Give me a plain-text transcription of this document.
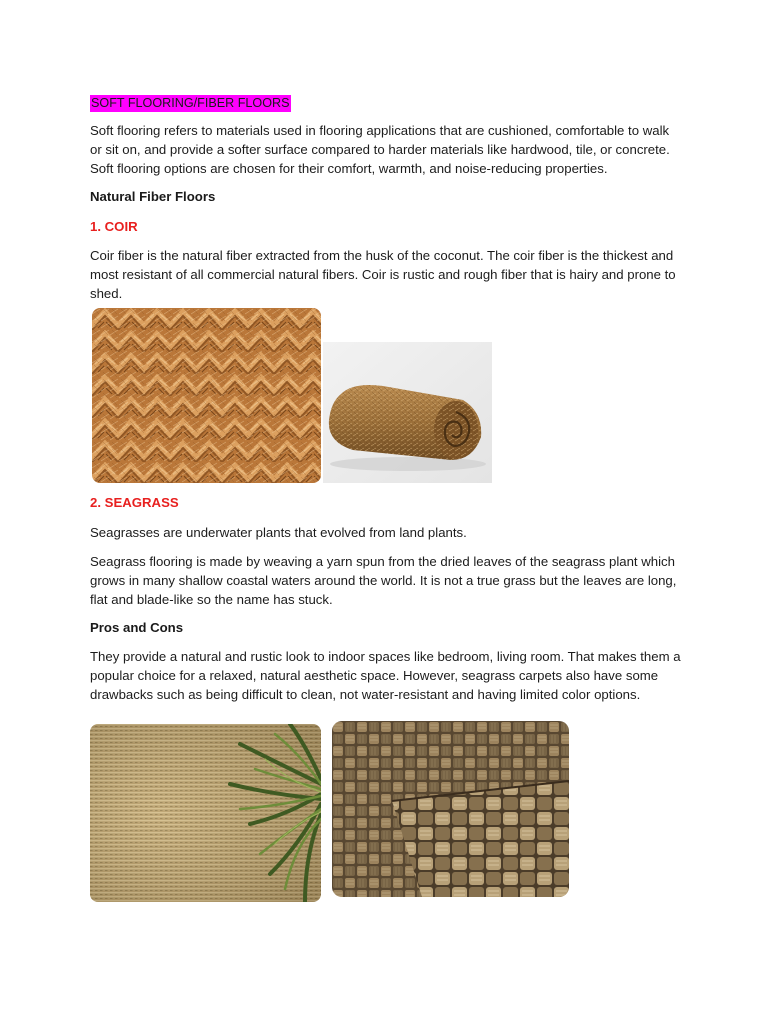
SOFT FLOORING/FIBER FLOORS

Soft flooring refers to materials used in flooring applications that are cushioned, comfortable to walk or sit on, and provide a softer surface compared to harder materials like hardwood, tile, or concrete. Soft flooring options are chosen for their comfort, warmth, and noise-reducing properties.

Natural Fiber Floors

1. COIR

Coir fiber is the natural fiber extracted from the husk of the coconut. The coir fiber is the thickest and most resistant of all commercial natural fibers. Coir is rustic and rough fiber that is hairy and prone to shed.

2. SEAGRASS

Seagrasses are underwater plants that evolved from land plants.

Seagrass flooring is made by weaving a yarn spun from the dried leaves of the seagrass plant which grows in many shallow coastal waters around the world. It is not a true grass but the leaves are long, flat and blade-like so the name has stuck.

Pros and Cons

They provide a natural and rustic look to indoor spaces like bedroom, living room. That makes them a popular choice for a relaxed, natural aesthetic space. However, seagrass carpets also have some drawbacks such as being difficult to clean, not water-resistant and having limited color options.
